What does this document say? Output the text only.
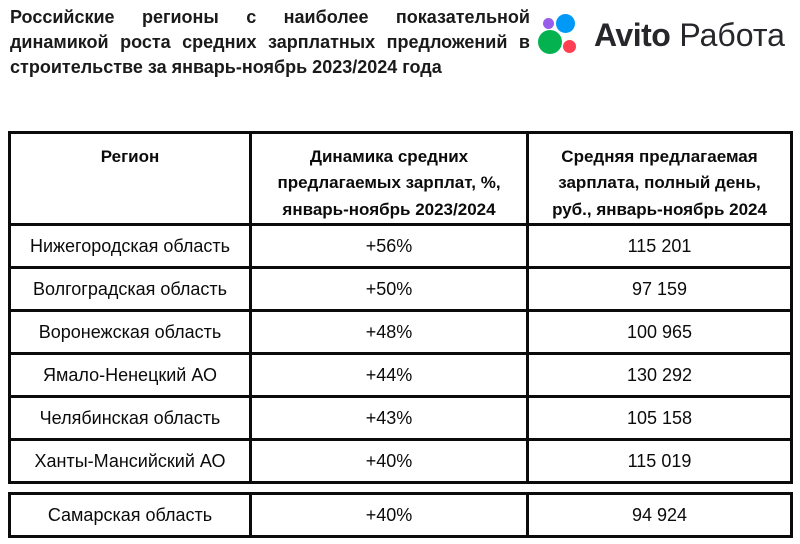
Российские регионы с наиболее показательной динамикой роста средних зарплатных предложений в строительстве за январь-ноябрь 2023/2024 года
Avito Работа
Регион	Динамика средних предлагаемых зарплат, %, январь-ноябрь 2023/2024	Средняя предлагаемая зарплата, полный день, руб., январь-ноябрь 2024
Нижегородская область	+56%	115 201
Волгоградская область	+50%	97 159
Воронежская область	+48%	100 965
Ямало-Ненецкий АО	+44%	130 292
Челябинская область	+43%	105 158
Ханты-Мансийский АО	+40%	115 019
Самарская область	+40%	94 924
